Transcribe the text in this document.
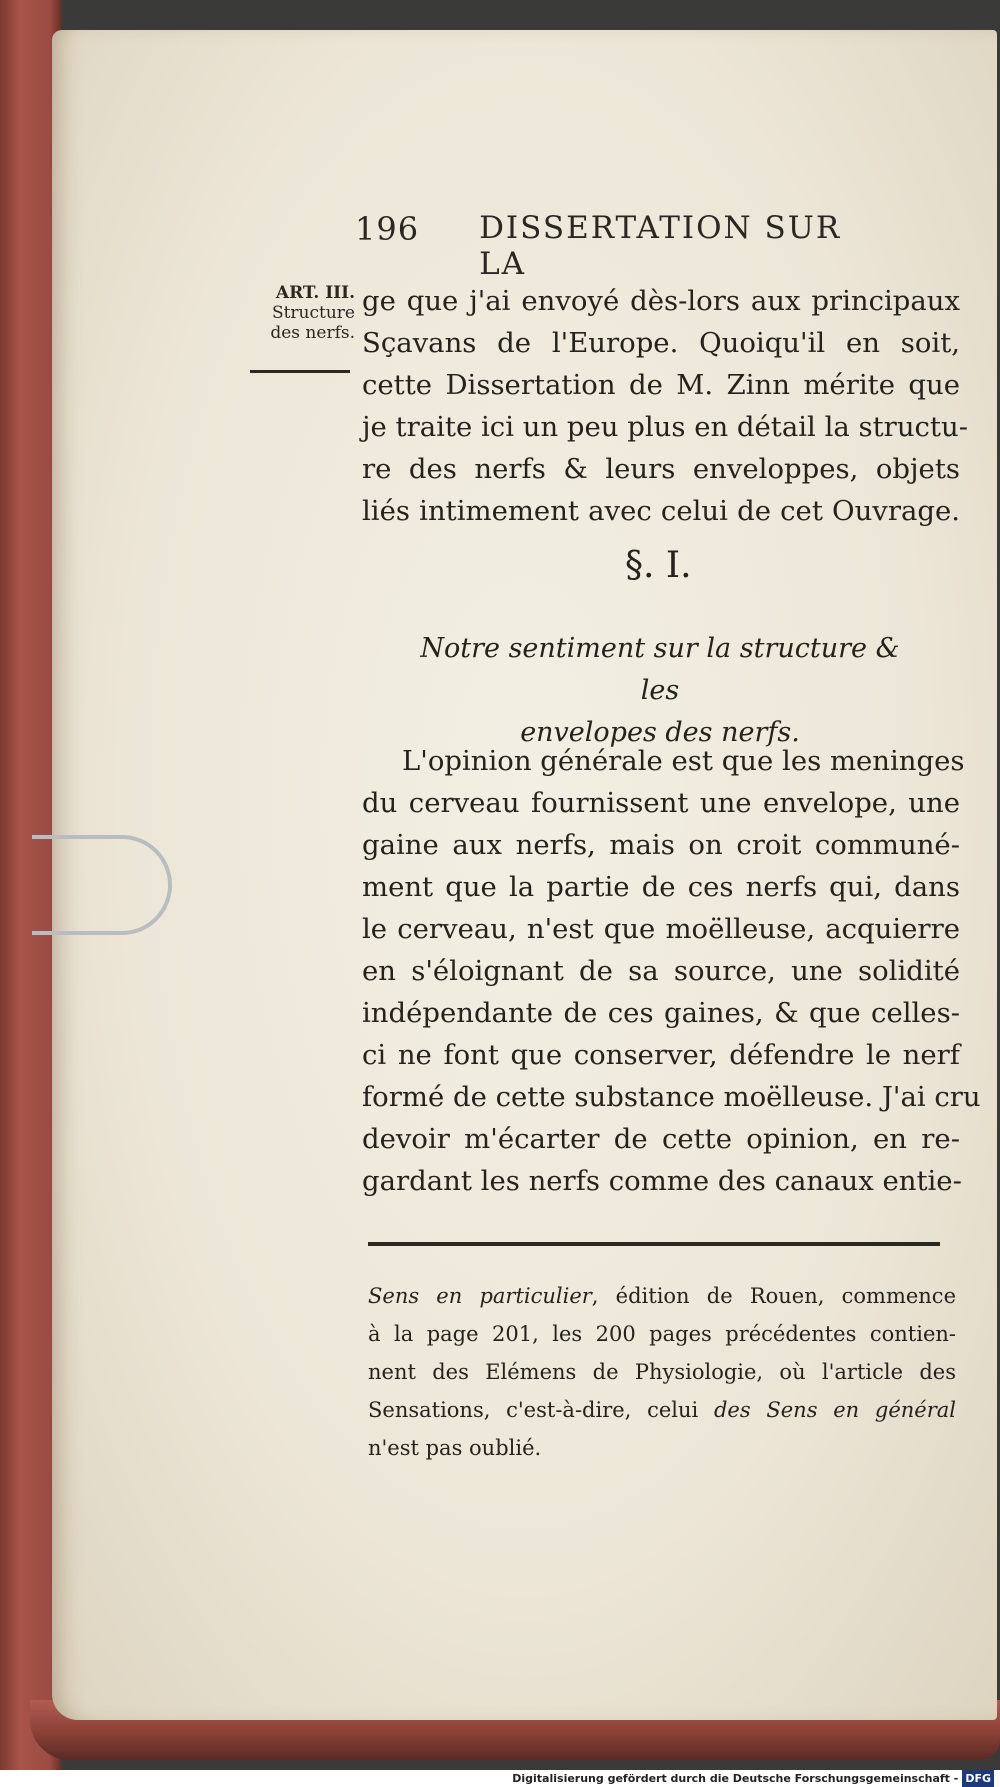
196 DISSERTATION SUR LA
ART. III.
Structure
des nerfs.
ge que j'ai envoyé dès-lors aux principaux
Sçavans de l'Europe. Quoiqu'il en soit,
cette Dissertation de M. Zinn mérite que
je traite ici un peu plus en détail la structu-
re des nerfs & leurs enveloppes, objets
liés intimement avec celui de cet Ouvrage.
§. I.
Notre sentiment sur la structure & les
envelopes des nerfs.
L'opinion générale est que les meninges
du cerveau fournissent une envelope, une
gaine aux nerfs, mais on croit communé-
ment que la partie de ces nerfs qui, dans
le cerveau, n'est que moëlleuse, acquierre
en s'éloignant de sa source, une solidité
indépendante de ces gaines, & que celles-
ci ne font que conserver, défendre le nerf
formé de cette substance moëlleuse. J'ai cru
devoir m'écarter de cette opinion, en re-
gardant les nerfs comme des canaux entie-
Sens en particulier, édition de Rouen, commence
à la page 201, les 200 pages précédentes contien-
nent des Elémens de Physiologie, où l'article des
Sensations, c'est-à-dire, celui des Sens en général
n'est pas oublié.
Digitalisierung gefördert durch die Deutsche Forschungsgemeinschaft - DFG
